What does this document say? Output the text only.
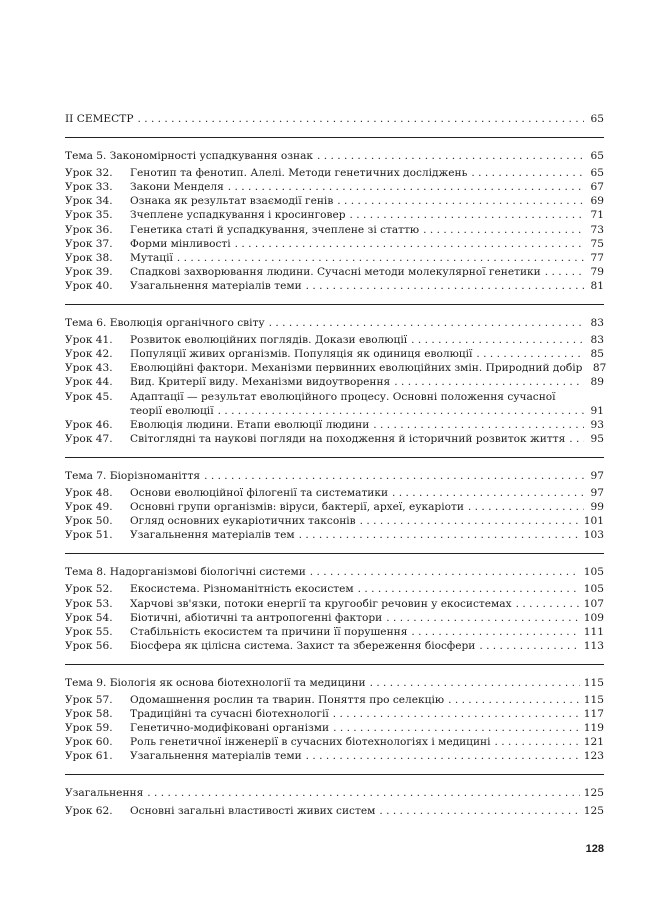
ІІ СЕМЕСТР . . .	65
Тема 5. Закономірності успадкування ознак . . .	65
Урок 32. Генотип та фенотип. Алелі. Методи генетичних досліджень . . .	65
Урок 33. Закони Менделя . . .	67
Урок 34. Ознака як результат взаємодії генів . . .	69
Урок 35. Зчеплене успадкування і кросинговер . . .	71
Урок 36. Генетика статі й успадкування, зчеплене зі статтю . . .	73
Урок 37. Форми мінливості . . .	75
Урок 38. Мутації . . .	77
Урок 39. Спадкові захворювання людини. Сучасні методи молекулярної генетики . . .	79
Урок 40. Узагальнення матеріалів теми . . .	81
Тема 6. Еволюція органічного світу . . .	83
Урок 41. Розвиток еволюційних поглядів. Докази еволюції . . .	83
Урок 42. Популяції живих організмів. Популяція як одиниця еволюції . . .	85
Урок 43. Еволюційні фактори. Механізми первинних еволюційних змін. Природний добір 87
Урок 44. Вид. Критерії виду. Механізми видоутворення . . .	89
Урок 45. Адаптації — результат еволюційного процесу. Основні положення сучасної
теорії еволюції . . .	91
Урок 46. Еволюція людини. Етапи еволюції людини . . .	93
Урок 47. Світоглядні та наукові погляди на походження й історичний розвиток життя . . . 95
Тема 7. Біорізноманіття . . .	97
Урок 48. Основи еволюційної філогенії та систематики . . .	97
Урок 49. Основні групи організмів: віруси, бактерії, археї, еукаріоти . . .	99
Урок 50. Огляд основних еукаріотичних таксонів . . .	101
Урок 51. Узагальнення матеріалів тем . . .	103
Тема 8. Надорганізмові біологічні системи . . .	105
Урок 52. Екосистема. Різноманітність екосистем . . .	105
Урок 53. Харчові зв'язки, потоки енергії та кругообіг речовин у екосистемах . . .	107
Урок 54. Біотичні, абіотичні та антропогенні фактори . . .	109
Урок 55. Стабільність екосистем та причини її порушення . . .	111
Урок 56. Біосфера як цілісна система. Захист та збереження біосфери . . .	113
Тема 9. Біологія як основа біотехнології та медицини . . .	115
Урок 57. Одомашнення рослин та тварин. Поняття про селекцію . . .	115
Урок 58. Традиційні та сучасні біотехнології . . .	117
Урок 59. Генетично-модифіковані організми . . .	119
Урок 60. Роль генетичної інженерії в сучасних біотехнологіях і медицині . . .	121
Урок 61. Узагальнення матеріалів теми . . .	123
Узагальнення . . .	125
Урок 62. Основні загальні властивості живих систем . . .	125
128
